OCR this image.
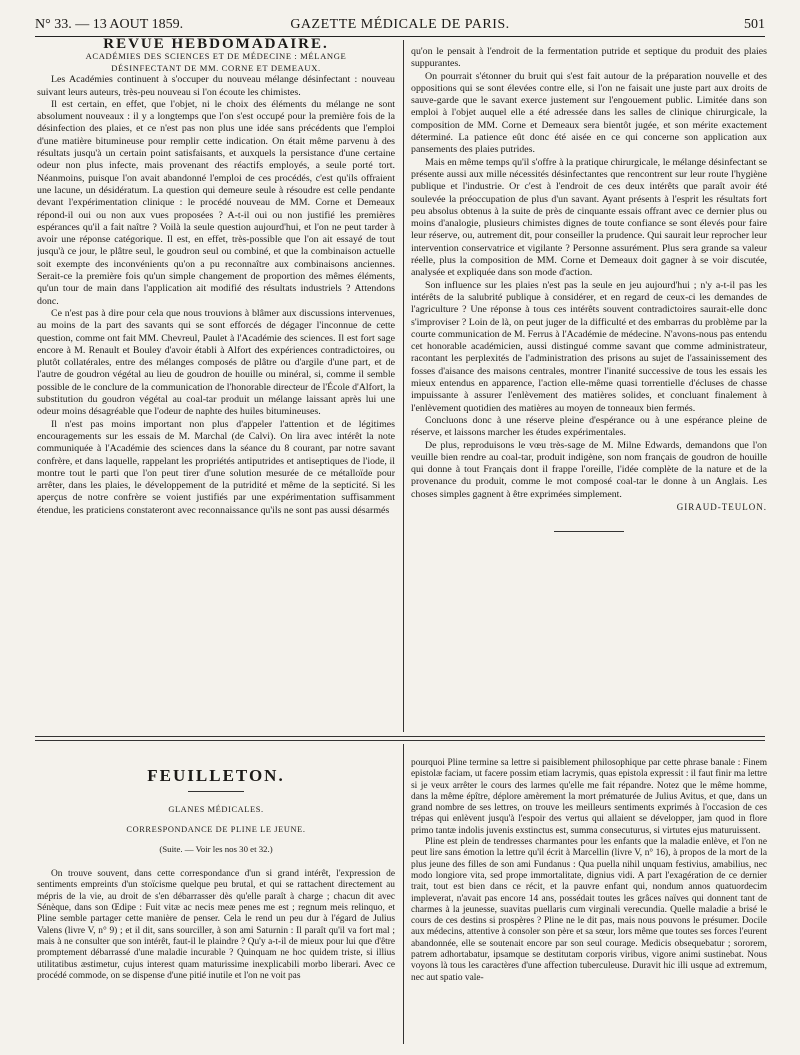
N° 33. — 13 AOUT 1859.	GAZETTE MÉDICALE DE PARIS.	501

REVUE HEBDOMADAIRE.

ACADÉMIES DES SCIENCES ET DE MÉDECINE : MÉLANGE
DÉSINFECTANT DE MM. CORNE ET DEMEAUX.

Les Académies continuent à s'occuper du nouveau mélange désinfectant : nouveau suivant leurs auteurs, très-peu nouveau si l'on écoute les chimistes.

Il est certain, en effet, que l'objet, ni le choix des éléments du mélange ne sont absolument nouveaux : il y a longtemps que l'on s'est occupé pour la première fois de la désinfection des plaies, et ce n'est pas non plus une idée sans précédents que l'emploi d'une matière bitumineuse pour remplir cette indication. On était même parvenu à des résultats jusqu'à un certain point satisfaisants, et auxquels la persistance d'une certaine odeur non plus infecte, mais provenant des réactifs employés, a seule porté tort. Néanmoins, puisque l'on avait abandonné l'emploi de ces procédés, c'est qu'ils offraient une lacune, un désidératum. La question qui demeure seule à résoudre est celle pendante devant l'expérimentation clinique : le procédé nouveau de MM. Corne et Demeaux répond-il oui ou non aux vues proposées ? A-t-il oui ou non justifié les premières espérances qu'il a fait naître ? Voilà la seule question aujourd'hui, et l'on ne peut tarder à avoir une réponse catégorique. Il est, en effet, très-possible que l'on ait essayé de tout jusqu'à ce jour, le plâtre seul, le goudron seul ou combiné, et que la combinaison actuelle soit exempte des inconvénients qu'on a pu reconnaître aux combinaisons anciennes. Serait-ce la première fois qu'un simple changement de proportion des mêmes éléments, qu'un tour de main dans l'application ait modifié des résultats industriels ? Attendons donc.

Ce n'est pas à dire pour cela que nous trouvions à blâmer aux discussions intervenues, au moins de la part des savants qui se sont efforcés de dégager l'inconnue de cette question, comme ont fait MM. Chevreul, Paulet à l'Académie des sciences. Il est fort sage encore à M. Renault et Bouley d'avoir établi à Alfort des expériences contradictoires, ou plutôt collatérales, entre des mélanges composés de plâtre ou d'argile d'une part, et de l'autre de goudron végétal au lieu de goudron de houille ou minéral, si, comme il semble possible de le conclure de la communication de l'honorable directeur de l'École d'Alfort, la substitution du goudron végétal au coal-tar produit un mélange laissant après lui une odeur moins désagréable que l'odeur de naphte des huiles bitumineuses.

Il n'est pas moins important non plus d'appeler l'attention et de légitimes encouragements sur les essais de M. Marchal (de Calvi). On lira avec intérêt la note communiquée à l'Académie des sciences dans la séance du 8 courant, par notre savant confrère, et dans laquelle, rappelant les propriétés antiputrides et antiseptiques de l'iode, il montre tout le parti que l'on peut tirer d'une solution mesurée de ce métalloïde pour arrêter, dans les plaies, le développement de la putridité et même de la septicité. Si les aperçus de notre confrère se voient justifiés par une expérimentation suffisamment étendue, les praticiens constateront avec reconnaissance qu'ils ne sont pas aussi désarmés

qu'on le pensait à l'endroit de la fermentation putride et septique du produit des plaies suppurantes.

On pourrait s'étonner du bruit qui s'est fait autour de la préparation nouvelle et des oppositions qui se sont élevées contre elle, si l'on ne faisait une juste part aux droits de sauve-garde que le savant exerce justement sur l'engouement public. Limitée dans son emploi à l'objet auquel elle a été adressée dans les salles de clinique chirurgicale, la composition de MM. Corne et Demeaux sera bientôt jugée, et son mérite exactement déterminé. La patience eût donc été aisée en ce qui concerne son application aux pansements des plaies putrides.

Mais en même temps qu'il s'offre à la pratique chirurgicale, le mélange désinfectant se présente aussi aux mille nécessités désinfectantes que rencontrent sur leur route l'hygiène publique et l'industrie. Or c'est à l'endroit de ces deux intérêts que paraît avoir été soulevée la préoccupation de plus d'un savant. Ayant présents à l'esprit les résultats fort peu absolus obtenus à la suite de près de cinquante essais offrant avec ce dernier plus ou moins d'analogie, plusieurs chimistes dignes de toute confiance se sont élevés pour faire leur réserve, ou, autrement dit, pour conseiller la prudence. Qui saurait leur reprocher leur intervention conservatrice et vigilante ? Personne assurément. Plus sera grande sa valeur réelle, plus la composition de MM. Corne et Demeaux doit gagner à se voir discutée, analysée et expliquée dans son mode d'action.

Son influence sur les plaies n'est pas la seule en jeu aujourd'hui ; n'y a-t-il pas les intérêts de la salubrité publique à considérer, et en regard de ceux-ci les demandes de l'agriculture ? Une réponse à tous ces intérêts souvent contradictoires saurait-elle donc s'improviser ? Loin de là, on peut juger de la difficulté et des embarras du problème par la courte communication de M. Ferrus à l'Académie de médecine. N'avons-nous pas entendu cet honorable académicien, aussi distingué comme savant que comme administrateur, racontant les perplexités de l'administration des prisons au sujet de l'assainissement des fosses d'aisance des maisons centrales, montrer l'inanité successive de tous les essais les mieux entendus en apparence, l'action elle-même quasi torrentielle d'écluses de chasse impuissante à assurer l'enlèvement des matières solides, et concluant finalement à l'enlèvement quotidien des matières au moyen de tonneaux bien fermés.

Concluons donc à une réserve pleine d'espérance ou à une espérance pleine de réserve, et laissons marcher les études expérimentales.

De plus, reproduisons le vœu très-sage de M. Milne Edwards, demandons que l'on veuille bien rendre au coal-tar, produit indigène, son nom français de goudron de houille qui donne à tout Français dont il frappe l'oreille, l'idée complète de la nature et de la provenance du produit, comme le mot composé coal-tar le donne à un Anglais. Les choses simples gagnent à être exprimées simplement.

GIRAUD-TEULON.

FEUILLETON.
GLANES MÉDICALES.
CORRESPONDANCE DE PLINE LE JEUNE.
(Suite. — Voir les nos 30 et 32.)

On trouve souvent, dans cette correspondance d'un si grand intérêt, l'expression de sentiments empreints d'un stoïcisme quelque peu brutal, et qui se rattachent directement au mépris de la vie, au droit de s'en débarrasser dès qu'elle paraît à charge ; chacun dit avec Sénèque, dans son Œdipe : Fuit vitæ ac necis meæ penes me est ; regnum meis relinquo, et Pline semble partager cette manière de penser. Cela le rend un peu dur à l'égard de Julius Valens (livre V, n° 9) ; et il dit, sans sourciller, à son ami Saturnin : Il paraît qu'il va fort mal ; mais à ne consulter que son intérêt, faut-il le plaindre ? Qu'y a-t-il de mieux pour lui que d'être promptement débarrassé d'une maladie incurable ? Quinquam ne hoc quidem triste, si illius utilitatibus æstimetur, cujus interest quam maturissime inexplicabili morbo liberari. Avec ce procédé commode, on se dispense d'une pitié inutile et l'on ne voit pas

pourquoi Pline termine sa lettre si paisiblement philosophique par cette phrase banale : Finem epistolæ faciam, ut facere possim etiam lacrymis, quas epistola expressit : il faut finir ma lettre si je veux arrêter le cours des larmes qu'elle me fait répandre. Notez que le même homme, dans la même épître, déplore amèrement la mort prématurée de Julius Avitus, et que, dans un grand nombre de ses lettres, on trouve les meilleurs sentiments exprimés à l'occasion de ces trépas qui enlèvent jusqu'à l'espoir des vertus qui allaient se développer, jam quod in flore primo tantæ indolis juvenis exstinctus est, summa consecuturus, si virtutes ejus maturuissent.

Pline est plein de tendresses charmantes pour les enfants que la maladie enlève, et l'on ne peut lire sans émotion la lettre qu'il écrit à Marcellin (livre V, n° 16), à propos de la mort de la plus jeune des filles de son ami Fundanus : Qua puella nihil unquam festivius, amabilius, nec modo longiore vita, sed prope immortalitate, dignius vidi. A part l'exagération de ce dernier trait, tout est bien dans ce récit, et la pauvre enfant qui, nondum annos quatuordecim impleverat, n'avait pas encore 14 ans, possédait toutes les grâces naïves qui donnent tant de charmes à la jeunesse, suavitas puellaris cum virginali verecundia. Quelle maladie a brisé le cours de ces destins si prospères ? Pline ne le dit pas, mais nous pouvons le présumer. Docile aux médecins, attentive à consoler son père et sa sœur, lors même que toutes ses forces l'eurent abandonnée, elle se soutenait encore par son seul courage. Medicis obsequebatur ; sororem, patrem adhortabatur, ipsamque se destitutam corporis viribus, vigore animi sustinebat. Nous voyons là tous les caractères d'une affection tuberculeuse. Duravit hic illi usque ad extremum, nec aut spatio vale-
